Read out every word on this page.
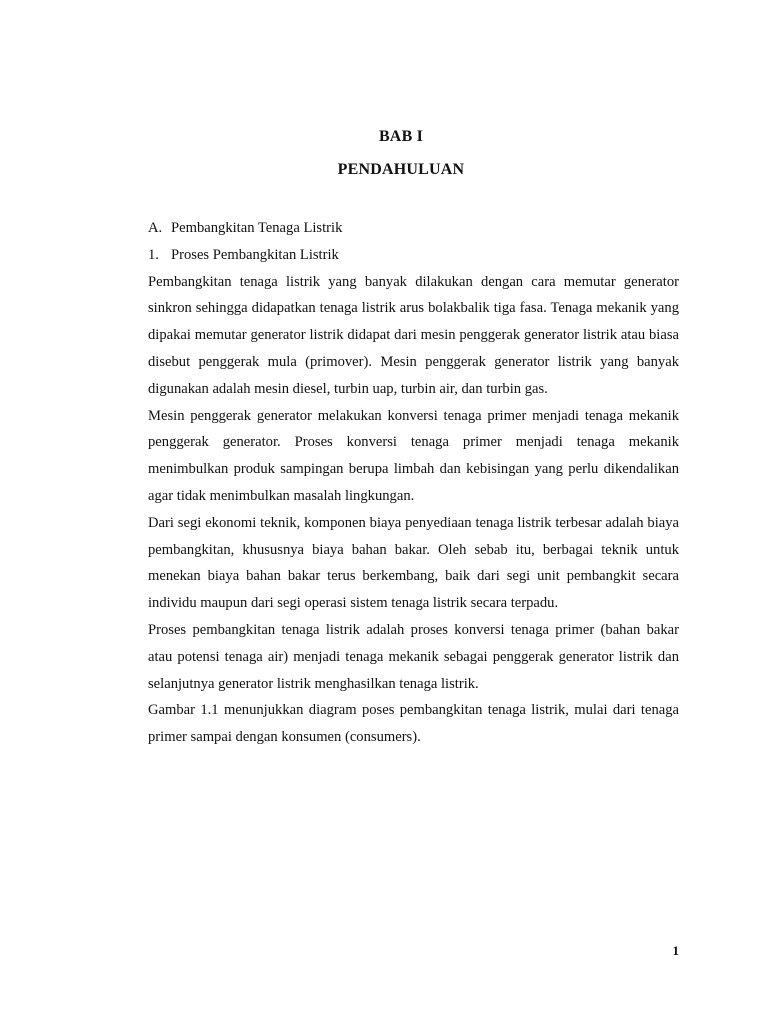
BAB I
PENDAHULUAN
A. Pembangkitan Tenaga Listrik
1. Proses Pembangkitan Listrik

Pembangkitan tenaga listrik yang banyak dilakukan dengan cara memutar generator sinkron sehingga didapatkan tenaga listrik arus bolakbalik tiga fasa. Tenaga mekanik yang dipakai memutar generator listrik didapat dari mesin penggerak generator listrik atau biasa disebut penggerak mula (primover). Mesin penggerak generator listrik yang banyak digunakan adalah mesin diesel, turbin uap, turbin air, dan turbin gas.

Mesin penggerak generator melakukan konversi tenaga primer menjadi tenaga mekanik penggerak generator. Proses konversi tenaga primer menjadi tenaga mekanik menimbulkan produk sampingan berupa limbah dan kebisingan yang perlu dikendalikan agar tidak menimbulkan masalah lingkungan.

Dari segi ekonomi teknik, komponen biaya penyediaan tenaga listrik terbesar adalah biaya pembangkitan, khususnya biaya bahan bakar. Oleh sebab itu, berbagai teknik untuk menekan biaya bahan bakar terus berkembang, baik dari segi unit pembangkit secara individu maupun dari segi operasi sistem tenaga listrik secara terpadu.

Proses pembangkitan tenaga listrik adalah proses konversi tenaga primer (bahan bakar atau potensi tenaga air) menjadi tenaga mekanik sebagai penggerak generator listrik dan selanjutnya generator listrik menghasilkan tenaga listrik.

Gambar 1.1 menunjukkan diagram poses pembangkitan tenaga listrik, mulai dari tenaga primer sampai dengan konsumen (consumers).

1
